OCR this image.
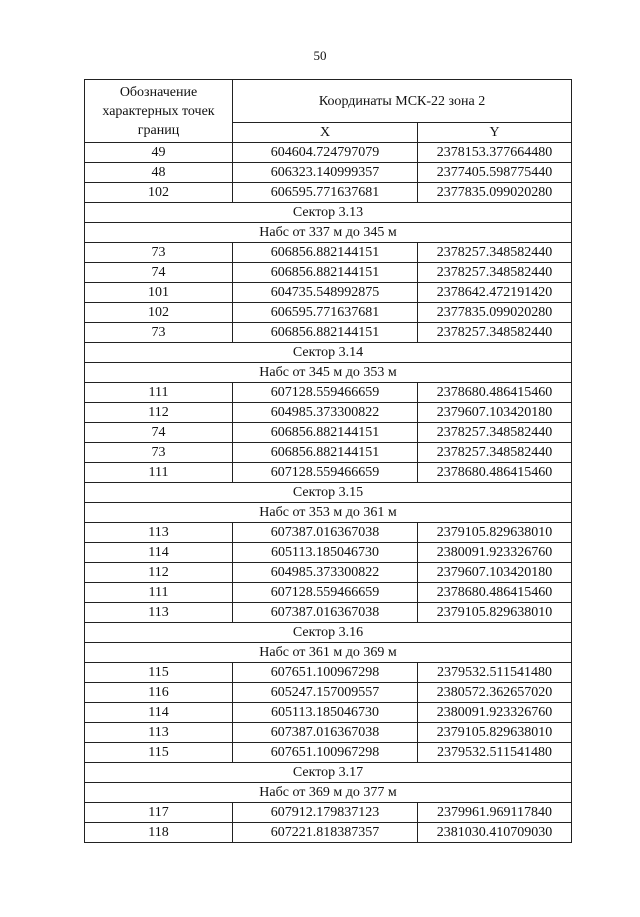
50
Обозначение характерных точек границ	Координаты МСК-22 зона 2	
	X	Y
49	604604.724797079	2378153.377664480
48	606323.140999357	2377405.598775440
102	606595.771637681	2377835.099020280
Сектор 3.13		
Набс от 337 м до 345 м		
73	606856.882144151	2378257.348582440
74	606856.882144151	2378257.348582440
101	604735.548992875	2378642.472191420
102	606595.771637681	2377835.099020280
73	606856.882144151	2378257.348582440
Сектор 3.14		
Набс от 345 м до 353 м		
111	607128.559466659	2378680.486415460
112	604985.373300822	2379607.103420180
74	606856.882144151	2378257.348582440
73	606856.882144151	2378257.348582440
111	607128.559466659	2378680.486415460
Сектор 3.15		
Набс от 353 м до 361 м		
113	607387.016367038	2379105.829638010
114	605113.185046730	2380091.923326760
112	604985.373300822	2379607.103420180
111	607128.559466659	2378680.486415460
113	607387.016367038	2379105.829638010
Сектор 3.16		
Набс от 361 м до 369 м		
115	607651.100967298	2379532.511541480
116	605247.157009557	2380572.362657020
114	605113.185046730	2380091.923326760
113	607387.016367038	2379105.829638010
115	607651.100967298	2379532.511541480
Сектор 3.17		
Набс от 369 м до 377 м		
117	607912.179837123	2379961.969117840
118	607221.818387357	2381030.410709030
